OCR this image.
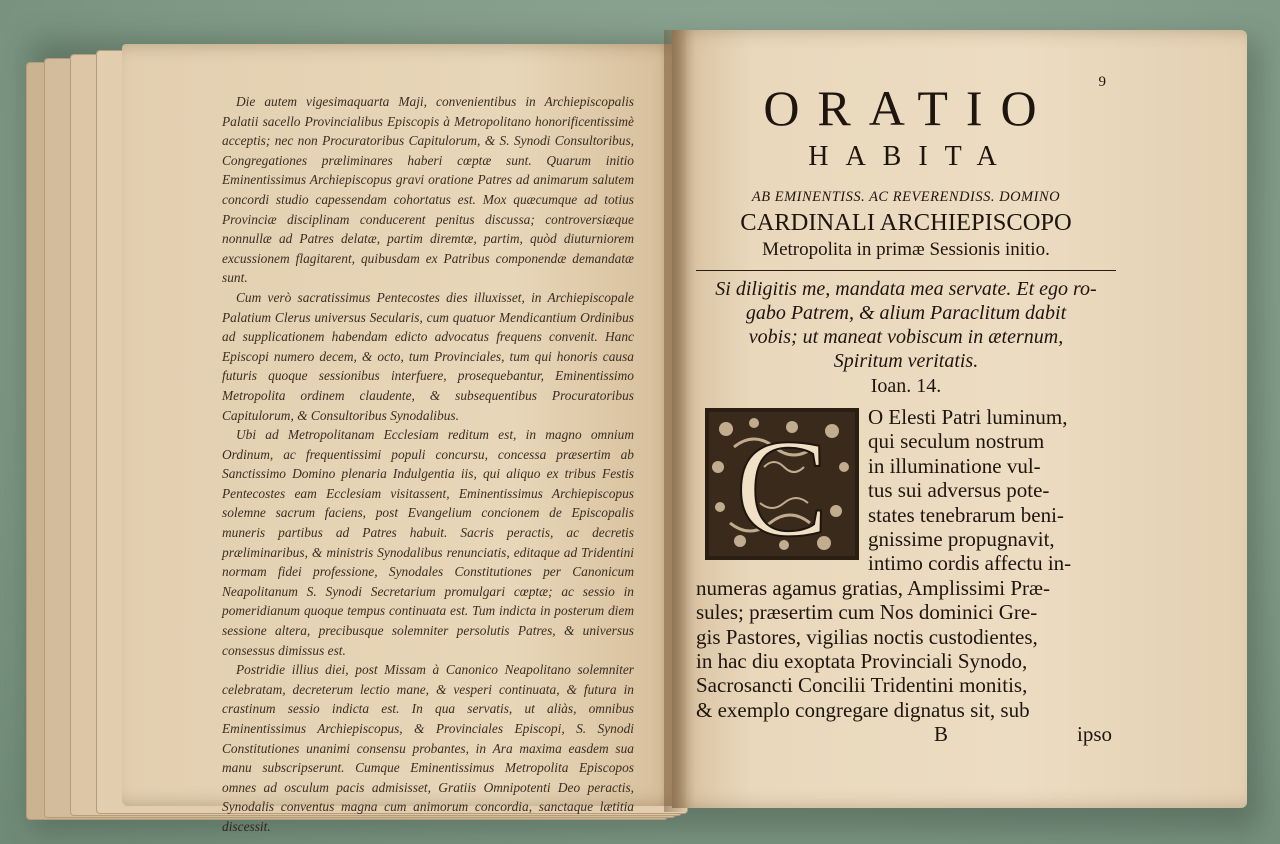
Die autem vigesimaquarta Maji, convenientibus in Archiepiscopalis Palatii sacello Provincialibus Episcopis à Metropolitano honorificentissimè acceptis; nec non Procuratoribus Capitulorum, & S. Synodi Consultoribus, Congregationes præliminares haberi cœptæ sunt. Quarum initio Eminentissimus Archiepiscopus gravi oratione Patres ad animarum salutem concordi studio capessendam cohortatus est. Mox quæcumque ad totius Provinciæ disciplinam conducerent penitus discussa; controversiæque nonnullæ ad Patres delatæ, partim diremtæ, partim, quòd diuturniorem excussionem flagitarent, quibusdam ex Patribus componendæ demandatæ sunt.

Cum verò sacratissimus Pentecostes dies illuxisset, in Archiepiscopale Palatium Clerus universus Secularis, cum quatuor Mendicantium Ordinibus ad supplicationem habendam edicto advocatus frequens convenit. Hanc Episcopi numero decem, & octo, tum Provinciales, tum qui honoris causa futuris quoque sessionibus interfuere, prosequebantur, Eminentissimo Metropolita ordinem claudente, & subsequentibus Procuratoribus Capitulorum, & Consultoribus Synodalibus.

Ubi ad Metropolitanam Ecclesiam reditum est, in magno omnium Ordinum, ac frequentissimi populi concursu, concessa præsertim ab Sanctissimo Domino plenaria Indulgentia iis, qui aliquo ex tribus Festis Pentecostes eam Ecclesiam visitassent, Eminentissimus Archiepiscopus solemne sacrum faciens, post Evangelium concionem de Episcopalis muneris partibus ad Patres habuit. Sacris peractis, ac decretis præliminaribus, & ministris Synodalibus renunciatis, editaque ad Tridentini normam fidei professione, Synodales Constitutiones per Canonicum Neapolitanum S. Synodi Secretarium promulgari cœptæ; ac sessio in pomeridianum quoque tempus continuata est. Tum indicta in posterum diem sessione altera, precibusque solemniter persolutis Patres, & universus consessus dimissus est.

Postridie illius diei, post Missam à Canonico Neapolitano solemniter celebratam, decreterum lectio mane, & vesperi continuata, & futura in crastinum sessio indicta est. In qua servatis, ut aliàs, omnibus Eminentissimus Archiepiscopus, & Provinciales Episcopi, S. Synodi Constitutiones unanimi consensu probantes, in Ara maxima easdem sua manu subscripserunt. Cumque Eminentissimus Metropolita Episcopos omnes ad osculum pacis admisisset, Gratiis Omnipotenti Deo peractis, Synodalis conventus magna cum animorum concordia, sanctaque lætitia discessit.

9
ORATIO
HABITA
AB EMINENTISS. AC REVERENDISS. DOMINO
CARDINALI ARCHIEPISCOPO
Metropolita in primæ Sessionis initio.
Si diligitis me, mandata mea servate. Et ego ro-
gabo Patrem, & alium Paraclitum dabit
vobis; ut maneat vobiscum in æternum,
Spiritum veritatis.
Ioan. 14.
C	O Elesti Patri luminum,
qui seculum nostrum
in illuminatione vul-
tus sui adversus pote-
states tenebrarum beni-
gnissime propugnavit,
intimo cordis affectu in-
numeras agamus gratias, Amplissimi Præ-
sules; præsertim cum Nos dominici Gre-
gis Pastores, vigilias noctis custodientes,
in hac diu exoptata Provinciali Synodo,
Sacrosancti Concilii Tridentini monitis,
& exemplo congregare dignatus sit, sub
B	ipso
